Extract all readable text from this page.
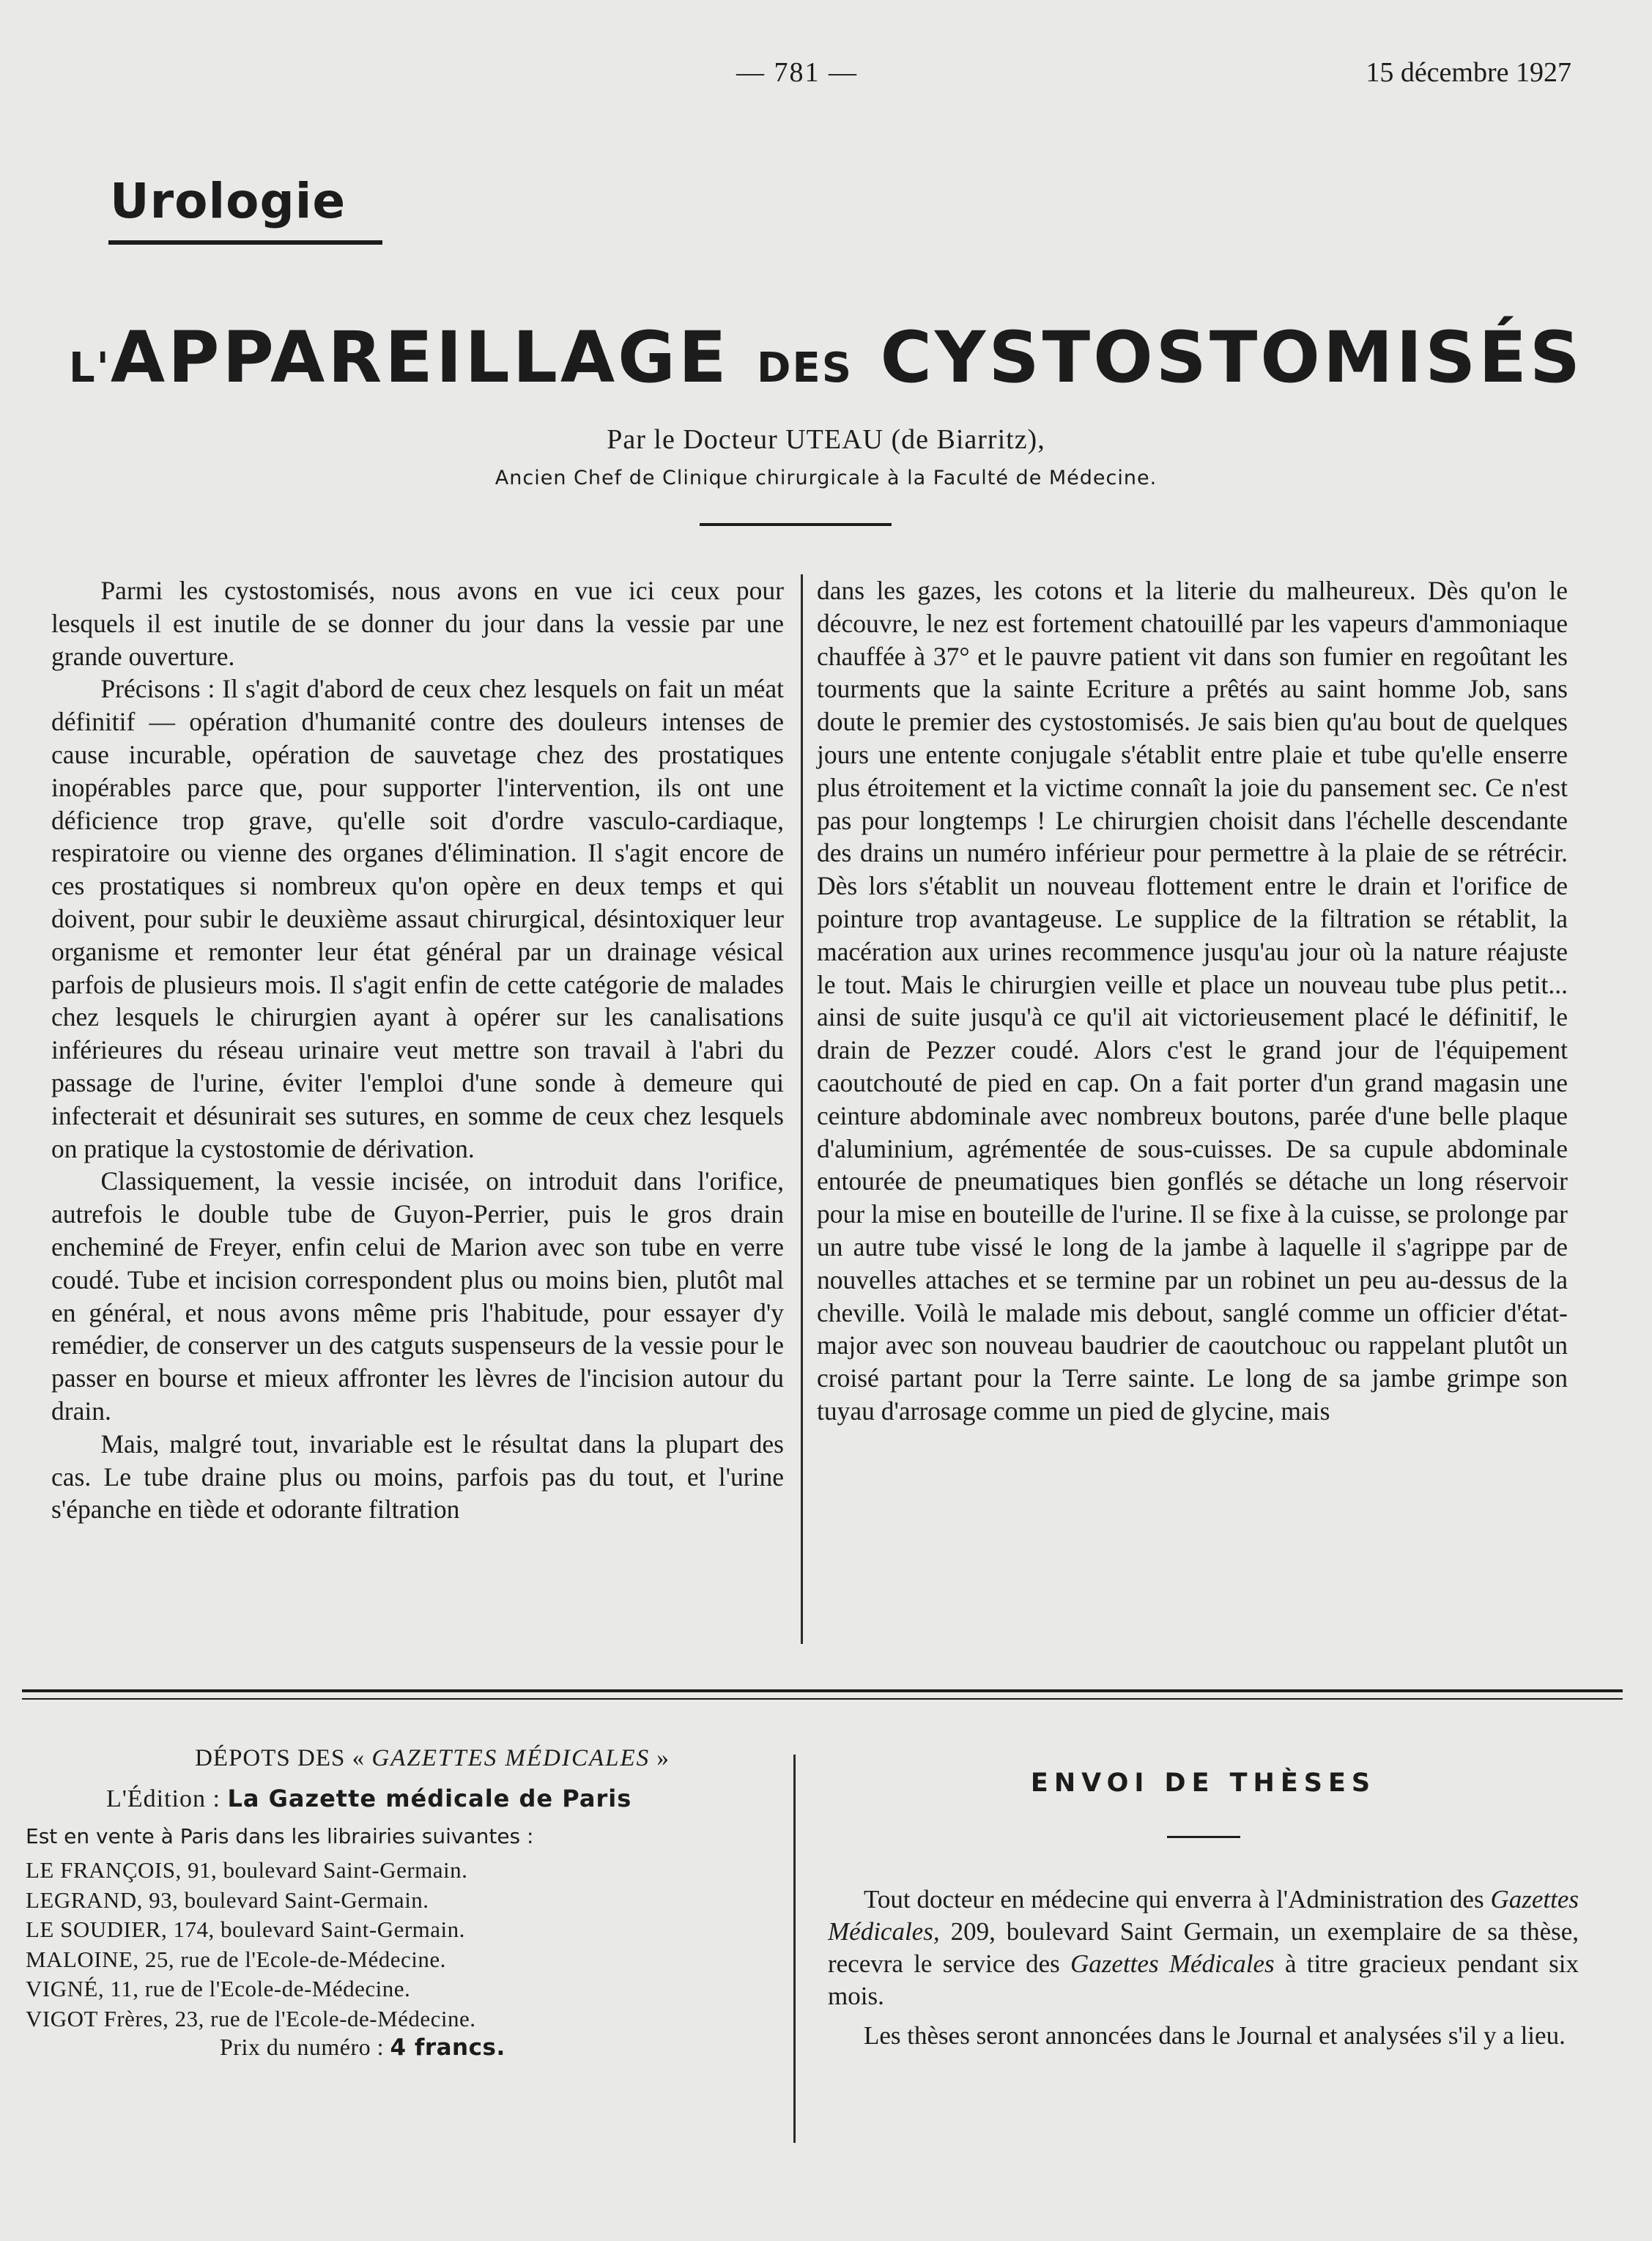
— 781 —	15 décembre 1927
Urologie
L'APPAREILLAGE DES CYSTOSTOMISÉS
Par le Docteur UTEAU (de Biarritz),
Ancien Chef de Clinique chirurgicale à la Faculté de Médecine.

Parmi les cystostomisés, nous avons en vue ici ceux pour lesquels il est inutile de se donner du jour dans la vessie par une grande ouverture.

Précisons : Il s'agit d'abord de ceux chez lesquels on fait un méat définitif — opération d'humanité contre des douleurs intenses de cause incurable, opération de sauvetage chez des prostatiques inopérables parce que, pour supporter l'intervention, ils ont une déficience trop grave, qu'elle soit d'ordre vasculo-cardiaque, respiratoire ou vienne des organes d'élimination. Il s'agit encore de ces prostatiques si nombreux qu'on opère en deux temps et qui doivent, pour subir le deuxième assaut chirurgical, désintoxiquer leur organisme et remonter leur état général par un drainage vésical parfois de plusieurs mois. Il s'agit enfin de cette catégorie de malades chez lesquels le chirurgien ayant à opérer sur les canalisations inférieures du réseau urinaire veut mettre son travail à l'abri du passage de l'urine, éviter l'emploi d'une sonde à demeure qui infecterait et désunirait ses sutures, en somme de ceux chez lesquels on pratique la cystostomie de dérivation.

Classiquement, la vessie incisée, on introduit dans l'orifice, autrefois le double tube de Guyon-Perrier, puis le gros drain encheminé de Freyer, enfin celui de Marion avec son tube en verre coudé. Tube et incision correspondent plus ou moins bien, plutôt mal en général, et nous avons même pris l'habitude, pour essayer d'y remédier, de conserver un des catguts suspenseurs de la vessie pour le passer en bourse et mieux affronter les lèvres de l'incision autour du drain.

Mais, malgré tout, invariable est le résultat dans la plupart des cas. Le tube draine plus ou moins, parfois pas du tout, et l'urine s'épanche en tiède et odorante filtration

dans les gazes, les cotons et la literie du malheureux. Dès qu'on le découvre, le nez est fortement chatouillé par les vapeurs d'ammoniaque chauffée à 37° et le pauvre patient vit dans son fumier en regoûtant les tourments que la sainte Ecriture a prêtés au saint homme Job, sans doute le premier des cystostomisés. Je sais bien qu'au bout de quelques jours une entente conjugale s'établit entre plaie et tube qu'elle enserre plus étroitement et la victime connaît la joie du pansement sec. Ce n'est pas pour longtemps ! Le chirurgien choisit dans l'échelle descendante des drains un numéro inférieur pour permettre à la plaie de se rétrécir. Dès lors s'établit un nouveau flottement entre le drain et l'orifice de pointure trop avantageuse. Le supplice de la filtration se rétablit, la macération aux urines recommence jusqu'au jour où la nature réajuste le tout. Mais le chirurgien veille et place un nouveau tube plus petit... ainsi de suite jusqu'à ce qu'il ait victorieusement placé le définitif, le drain de Pezzer coudé. Alors c'est le grand jour de l'équipement caoutchouté de pied en cap. On a fait porter d'un grand magasin une ceinture abdominale avec nombreux boutons, parée d'une belle plaque d'aluminium, agrémentée de sous-cuisses. De sa cupule abdominale entourée de pneumatiques bien gonflés se détache un long réservoir pour la mise en bouteille de l'urine. Il se fixe à la cuisse, se prolonge par un autre tube vissé le long de la jambe à laquelle il s'agrippe par de nouvelles attaches et se termine par un robinet un peu au-dessus de la cheville. Voilà le malade mis debout, sanglé comme un officier d'état-major avec son nouveau baudrier de caoutchouc ou rappelant plutôt un croisé partant pour la Terre sainte. Le long de sa jambe grimpe son tuyau d'arrosage comme un pied de glycine, mais

DÉPOTS DES « GAZETTES MÉDICALES »
L'Édition : La Gazette médicale de Paris
Est en vente à Paris dans les librairies suivantes :
LE FRANÇOIS, 91, boulevard Saint-Germain.
LEGRAND, 93, boulevard Saint-Germain.
LE SOUDIER, 174, boulevard Saint-Germain.
MALOINE, 25, rue de l'Ecole-de-Médecine.
VIGNÉ, 11, rue de l'Ecole-de-Médecine.
VIGOT Frères, 23, rue de l'Ecole-de-Médecine.
Prix du numéro : 4 francs.
ENVOI DE THÈSES

Tout docteur en médecine qui enverra à l'Administration des Gazettes Médicales, 209, boulevard Saint Germain, un exemplaire de sa thèse, recevra le service des Gazettes Médicales à titre gracieux pendant six mois.

Les thèses seront annoncées dans le Journal et analysées s'il y a lieu.
